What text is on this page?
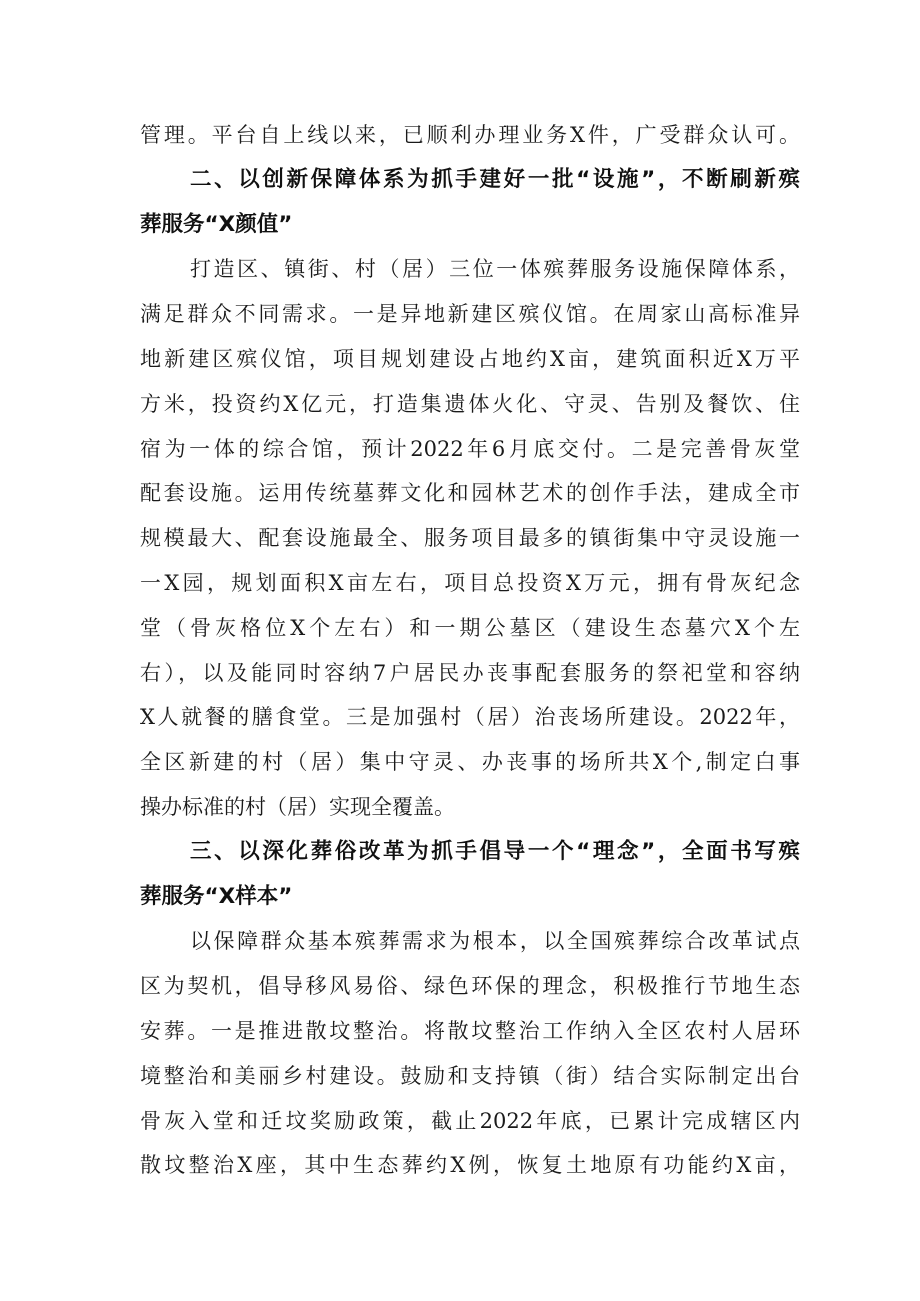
管理。平台自上线以来，已顺利办理业务X件，广受群众认可。
二、以创新保障体系为抓手建好一批“设施”，不断刷新殡
葬服务“X颜值”
打造区、镇街、村（居）三位一体殡葬服务设施保障体系，
满足群众不同需求。一是异地新建区殡仪馆。在周家山高标准异
地新建区殡仪馆，项目规划建设占地约X亩，建筑面积近X万平
方米，投资约X亿元，打造集遗体火化、守灵、告别及餐饮、住
宿为一体的综合馆，预计2022年6月底交付。二是完善骨灰堂
配套设施。运用传统墓葬文化和园林艺术的创作手法，建成全市
规模最大、配套设施最全、服务项目最多的镇街集中守灵设施一
一X园，规划面积X亩左右，项目总投资X万元，拥有骨灰纪念
堂（骨灰格位X个左右）和一期公墓区（建设生态墓穴X个左
右），以及能同时容纳7户居民办丧事配套服务的祭祀堂和容纳
X人就餐的膳食堂。三是加强村（居）治丧场所建设。2022年，
全区新建的村（居）集中守灵、办丧事的场所共X个,制定白事
操办标准的村（居）实现全覆盖。
三、以深化葬俗改革为抓手倡导一个“理念”，全面书写殡
葬服务“X样本”
以保障群众基本殡葬需求为根本，以全国殡葬综合改革试点
区为契机，倡导移风易俗、绿色环保的理念，积极推行节地生态
安葬。一是推进散坟整治。将散坟整治工作纳入全区农村人居环
境整治和美丽乡村建设。鼓励和支持镇（街）结合实际制定出台
骨灰入堂和迁坟奖励政策，截止2022年底，已累计完成辖区内
散坟整治X座，其中生态葬约X例，恢复土地原有功能约X亩，
